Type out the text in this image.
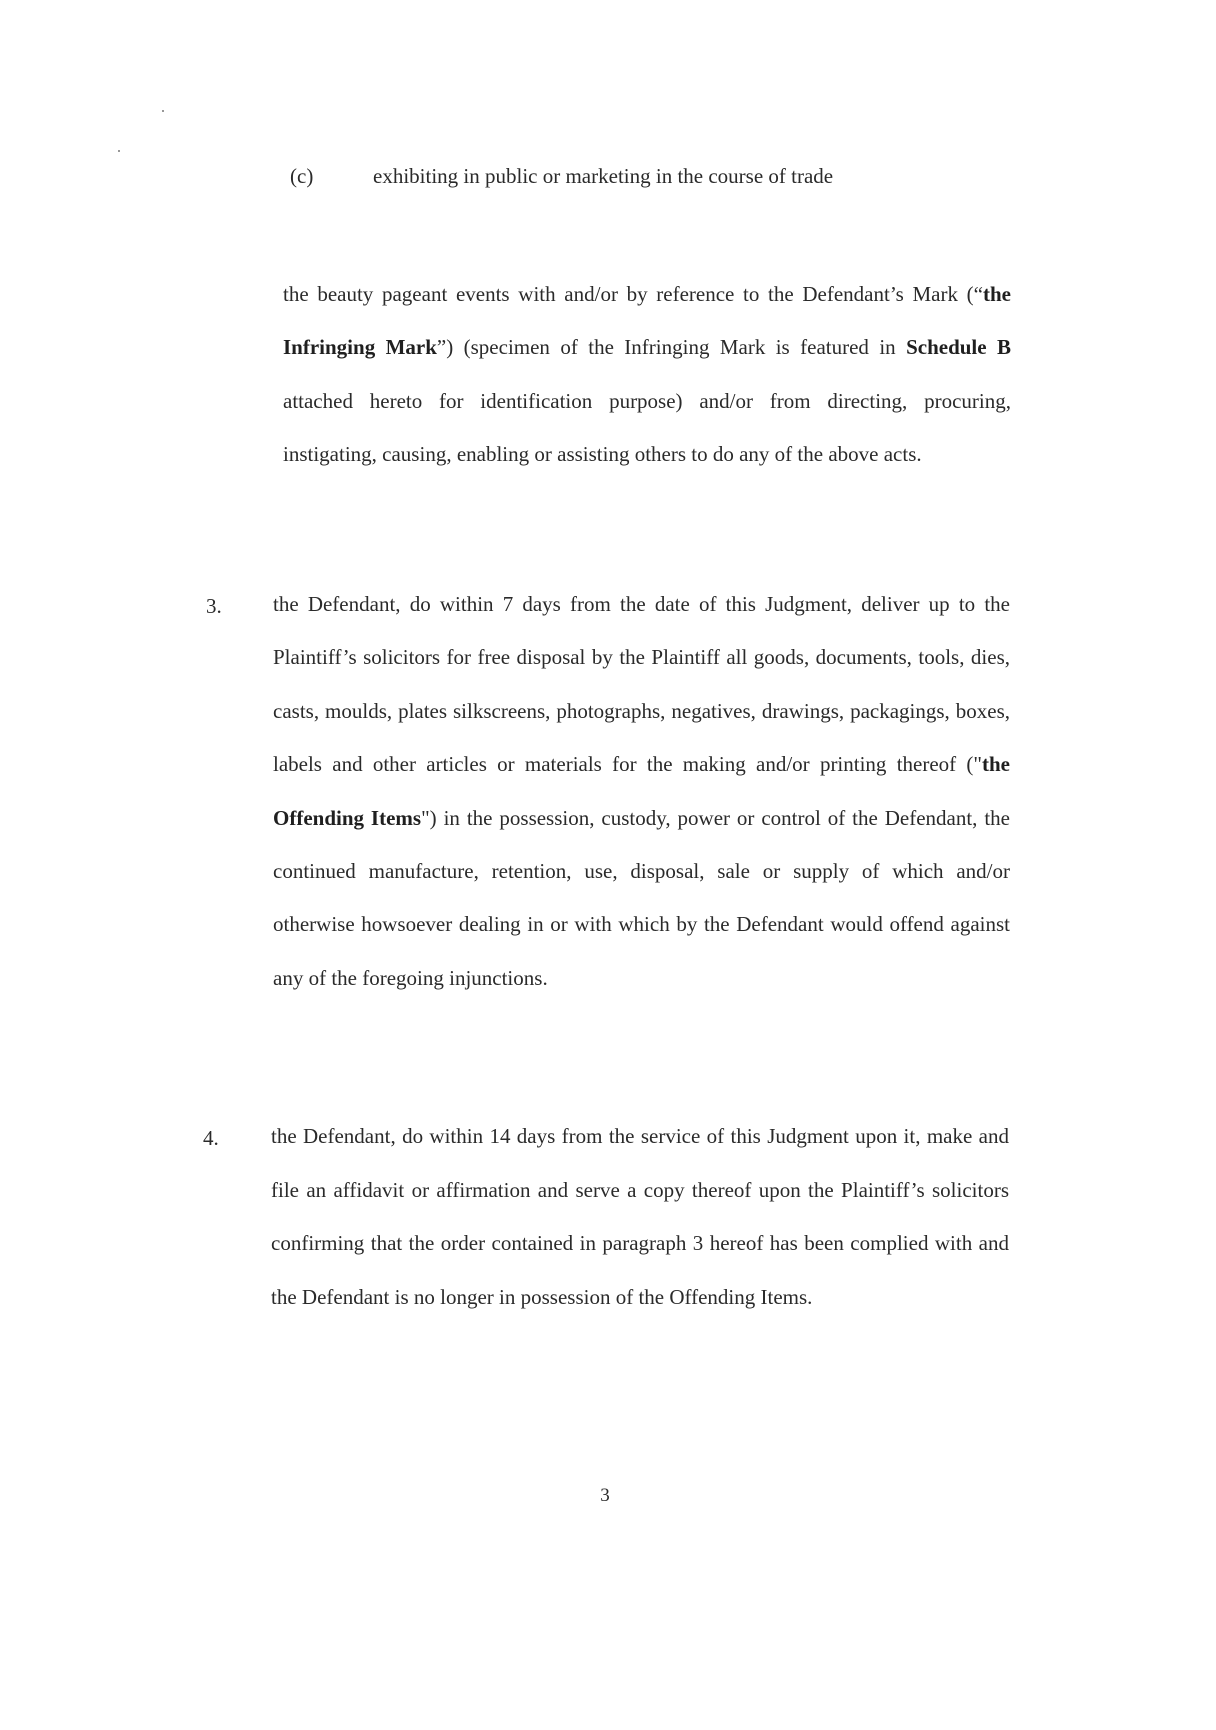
(c)	exhibiting in public or marketing in the course of trade
the beauty pageant events with and/or by reference to the Defendant’s Mark (“the Infringing Mark”) (specimen of the Infringing Mark is featured in Schedule B attached hereto for identification purpose) and/or from directing, procuring, instigating, causing, enabling or assisting others to do any of the above acts.
3. the Defendant, do within 7 days from the date of this Judgment, deliver up to the Plaintiff’s solicitors for free disposal by the Plaintiff all goods, documents, tools, dies, casts, moulds, plates silkscreens, photographs, negatives, drawings, packagings, boxes, labels and other articles or materials for the making and/or printing thereof ("the Offending Items") in the possession, custody, power or control of the Defendant, the continued manufacture, retention, use, disposal, sale or supply of which and/or otherwise howsoever dealing in or with which by the Defendant would offend against any of the foregoing injunctions.
4. the Defendant, do within 14 days from the service of this Judgment upon it, make and file an affidavit or affirmation and serve a copy thereof upon the Plaintiff’s solicitors confirming that the order contained in paragraph 3 hereof has been complied with and the Defendant is no longer in possession of the Offending Items.
3
